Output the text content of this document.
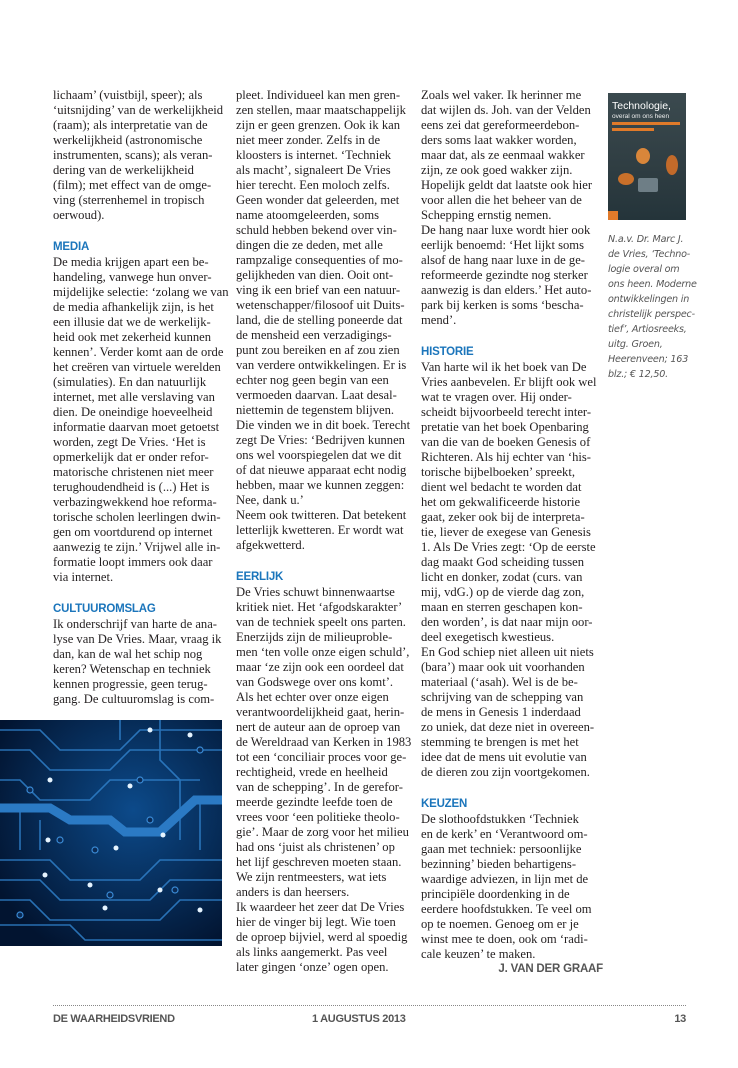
lichaam’ (vuistbijl, speer); als
‘uitsnijding’ van de werkelijkheid
(raam); als interpretatie van de
werkelijkheid (astronomische
instrumenten, scans); als veran-
dering van de werkelijkheid
(film); met effect van de omge-
ving (sterrenhemel in tropisch
oerwoud).

MEDIA

De media krijgen apart een be-
handeling, vanwege hun onver-
mijdelijke selectie: ‘zolang we van
de media afhankelijk zijn, is het
een illusie dat we de werkelijk-
heid ook met zekerheid kunnen
kennen’. Verder komt aan de orde
het creëren van virtuele werelden
(simulaties). En dan natuurlijk
internet, met alle verslaving van
dien. De oneindige hoeveelheid
informatie daarvan moet getoetst
worden, zegt De Vries. ‘Het is
opmerkelijk dat er onder refor-
matorische christenen niet meer
terughoudendheid is (...) Het is
verbazingwekkend hoe reforma-
torische scholen leerlingen dwin-
gen om voortdurend op internet
aanwezig te zijn.’ Vrijwel alle in-
formatie loopt immers ook daar
via internet.

CULTUUROMSLAG

Ik onderschrijf van harte de ana-
lyse van De Vries. Maar, vraag ik
dan, kan de wal het schip nog
keren? Wetenschap en techniek
kennen progressie, geen terug-
gang. De cultuuromslag is com-

pleet. Individueel kan men gren-
zen stellen, maar maatschappelijk
zijn er geen grenzen. Ook ik kan
niet meer zonder. Zelfs in de
kloosters is internet. ‘Techniek
als macht’, signaleert De Vries
hier terecht. Een moloch zelfs.
Geen wonder dat geleerden, met
name atoomgeleerden, soms
schuld hebben bekend over vin-
dingen die ze deden, met alle
rampzalige consequenties of mo-
gelijkheden van dien. Ooit ont-
ving ik een brief van een natuur-
wetenschapper/filosoof uit Duits-
land, die de stelling poneerde dat
de mensheid een verzadigings-
punt zou bereiken en af zou zien
van verdere ontwikkelingen. Er is
echter nog geen begin van een
vermoeden daarvan. Laat desal-
niettemin de tegenstem blijven.
Die vinden we in dit boek. Terecht
zegt De Vries: ‘Bedrijven kunnen
ons wel voorspiegelen dat we dit
of dat nieuwe apparaat echt nodig
hebben, maar we kunnen zeggen:
Nee, dank u.’
Neem ook twitteren. Dat betekent
letterlijk kwetteren. Er wordt wat
afgekwetterd.

EERLIJK

De Vries schuwt binnenwaartse
kritiek niet. Het ‘afgodskarakter’
van de techniek speelt ons parten.
Enerzijds zijn de milieuproble-
men ‘ten volle onze eigen schuld’,
maar ‘ze zijn ook een oordeel dat
van Godswege over ons komt’.
Als het echter over onze eigen
verantwoordelijkheid gaat, herin-
nert de auteur aan de oproep van
de Wereldraad van Kerken in 1983
tot een ‘conciliair proces voor ge-
rechtigheid, vrede en heelheid
van de schepping’. In de gerefor-
meerde gezindte leefde toen de
vrees voor ‘een politieke theolo-
gie’. Maar de zorg voor het milieu
had ons ‘juist als christenen’ op
het lijf geschreven moeten staan.
We zijn rentmeesters, wat iets
anders is dan heersers.
Ik waardeer het zeer dat De Vries
hier de vinger bij legt. Wie toen
de oproep bijviel, werd al spoedig
als links aangemerkt. Pas veel
later gingen ‘onze’ ogen open.

Zoals wel vaker. Ik herinner me
dat wijlen ds. Joh. van der Velden
eens zei dat gereformeerdebon-
ders soms laat wakker worden,
maar dat, als ze eenmaal wakker
zijn, ze ook goed wakker zijn.
Hopelijk geldt dat laatste ook hier
voor allen die het beheer van de
Schepping ernstig nemen.
De hang naar luxe wordt hier ook
eerlijk benoemd: ‘Het lijkt soms
alsof de hang naar luxe in de ge-
reformeerde gezindte nog sterker
aanwezig is dan elders.’ Het auto-
park bij kerken is soms ‘bescha-
mend’.

HISTORIE

Van harte wil ik het boek van De
Vries aanbevelen. Er blijft ook wel
wat te vragen over. Hij onder-
scheidt bijvoorbeeld terecht inter-
pretatie van het boek Openbaring
van die van de boeken Genesis of
Richteren. Als hij echter van ‘his-
torische bijbelboeken’ spreekt,
dient wel bedacht te worden dat
het om gekwalificeerde historie
gaat, zeker ook bij de interpreta-
tie, liever de exegese van Genesis
1. Als De Vries zegt: ‘Op de eerste
dag maakt God scheiding tussen
licht en donker, zodat (curs. van
mij, vdG.) op de vierde dag zon,
maan en sterren geschapen kon-
den worden’, is dat naar mijn oor-
deel exegetisch kwestieus.
En God schiep niet alleen uit niets
(bara’) maar ook uit voorhanden
materiaal (‘asah). Wel is de be-
schrijving van de schepping van
de mens in Genesis 1 inderdaad
zo uniek, dat deze niet in overeen-
stemming te brengen is met het
idee dat de mens uit evolutie van
de dieren zou zijn voortgekomen.

KEUZEN

De slothoofdstukken ‘Techniek
en de kerk’ en ‘Verantwoord om-
gaan met techniek: persoonlijke
bezinning’ bieden behartigens-
waardige adviezen, in lijn met de
principiële doordenking in de
eerdere hoofdstukken. Te veel om
op te noemen. Genoeg om er je
winst mee te doen, ook om ‘radi-
cale keuzen’ te maken.

J. VAN DER GRAAF
Technologie,
overal om ons heen
N.a.v. Dr. Marc J.
de Vries, ‘Techno-
logie overal om
ons heen. Moderne
ontwikkelingen in
christelijk perspec-
tief’, Artiosreeks,
uitg. Groen,
Heerenveen; 163
blz.; € 12,50.
DE WAARHEIDSVRIEND	1 AUGUSTUS 2013	13
